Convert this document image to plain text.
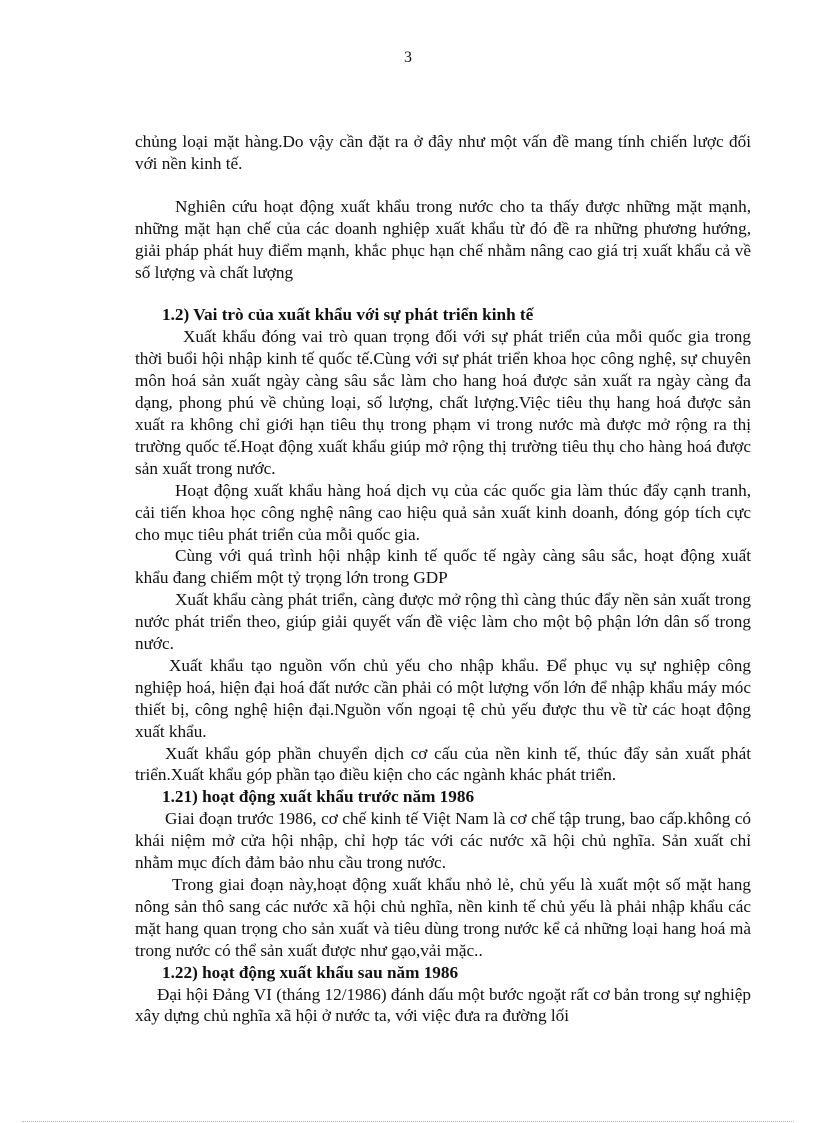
3

chủng loại mặt hàng.Do vậy cần đặt ra ở đây như một vấn đề mang tính chiến lược đối với nền kinh tế.

Nghiên cứu hoạt động xuất khẩu trong nước cho ta thấy được những mặt mạnh, những mặt hạn chế của các doanh nghiệp xuất khẩu từ đó đề ra những phương hướng, giải pháp phát huy điểm mạnh, khắc phục hạn chế nhằm nâng cao giá trị xuất khẩu cả về số lượng và chất lượng

1.2) Vai trò của xuất khẩu với sự phát triển kinh tế

Xuất khẩu đóng vai trò quan trọng đối với sự phát triển của mỗi quốc gia trong thời buổi hội nhập kinh tế quốc tế.Cùng với sự phát triển khoa học công nghệ, sự chuyên môn hoá sản xuất ngày càng sâu sắc làm cho hang hoá được sản xuất ra ngày càng đa dạng, phong phú về chủng loại, số lượng, chất lượng.Việc tiêu thụ hang hoá được sản xuất ra không chỉ giới hạn tiêu thụ trong phạm vi trong nước mà được mở rộng ra thị trường quốc tế.Hoạt động xuất khẩu giúp mở rộng thị trường tiêu thụ cho hàng hoá được sản xuất trong nước.

Hoạt động xuất khẩu hàng hoá dịch vụ của các quốc gia làm thúc đẩy cạnh tranh, cải tiến khoa học công nghệ nâng cao hiệu quả sản xuất kinh doanh, đóng góp tích cực cho mục tiêu phát triển của mỗi quốc gia.

Cùng với quá trình hội nhập kinh tế quốc tế ngày càng sâu sắc, hoạt động xuất khẩu đang chiếm một tỷ trọng lớn trong GDP

Xuất khẩu càng phát triển, càng được mở rộng thì càng thúc đẩy nền sản xuất trong nước phát triển theo, giúp giải quyết vấn đề việc làm cho một bộ phận lớn dân số trong nước.

Xuất khẩu tạo nguồn vốn chủ yếu cho nhập khẩu. Để phục vụ sự nghiệp công nghiệp hoá, hiện đại hoá đất nước cần phải có một lượng vốn lớn để nhập khẩu máy móc thiết bị, công nghệ hiện đại.Nguồn vốn ngoại tệ chủ yếu được thu về từ các hoạt động xuất khẩu.

Xuất khẩu góp phần chuyển dịch cơ cấu của nền kinh tế, thúc đẩy sản xuất phát triển.Xuất khẩu góp phần tạo điều kiện cho các ngành khác phát triển.

1.21) hoạt động xuất khẩu trước năm 1986

Giai đoạn trước 1986, cơ chế kinh tế Việt Nam là cơ chế tập trung, bao cấp.không có khái niệm mở cửa hội nhập, chỉ hợp tác với các nước xã hội chủ nghĩa. Sản xuất chỉ nhằm mục đích đảm bảo nhu cầu trong nước.

Trong giai đoạn này,hoạt động xuất khẩu nhỏ lẻ, chủ yếu là xuất một số mặt hang nông sản thô sang các nước xã hội chủ nghĩa, nền kinh tế chủ yếu là phải nhập khẩu các mặt hang quan trọng cho sản xuất và tiêu dùng trong nước kể cả những loại hang hoá mà trong nước có thể sản xuất được như gạo,vải mặc..

1.22) hoạt động xuất khẩu sau năm 1986

Đại hội Đảng VI (tháng 12/1986) đánh dấu một bước ngoặt rất cơ bản trong sự nghiệp xây dựng chủ nghĩa xã hội ở nước ta, với việc đưa ra đường lối
